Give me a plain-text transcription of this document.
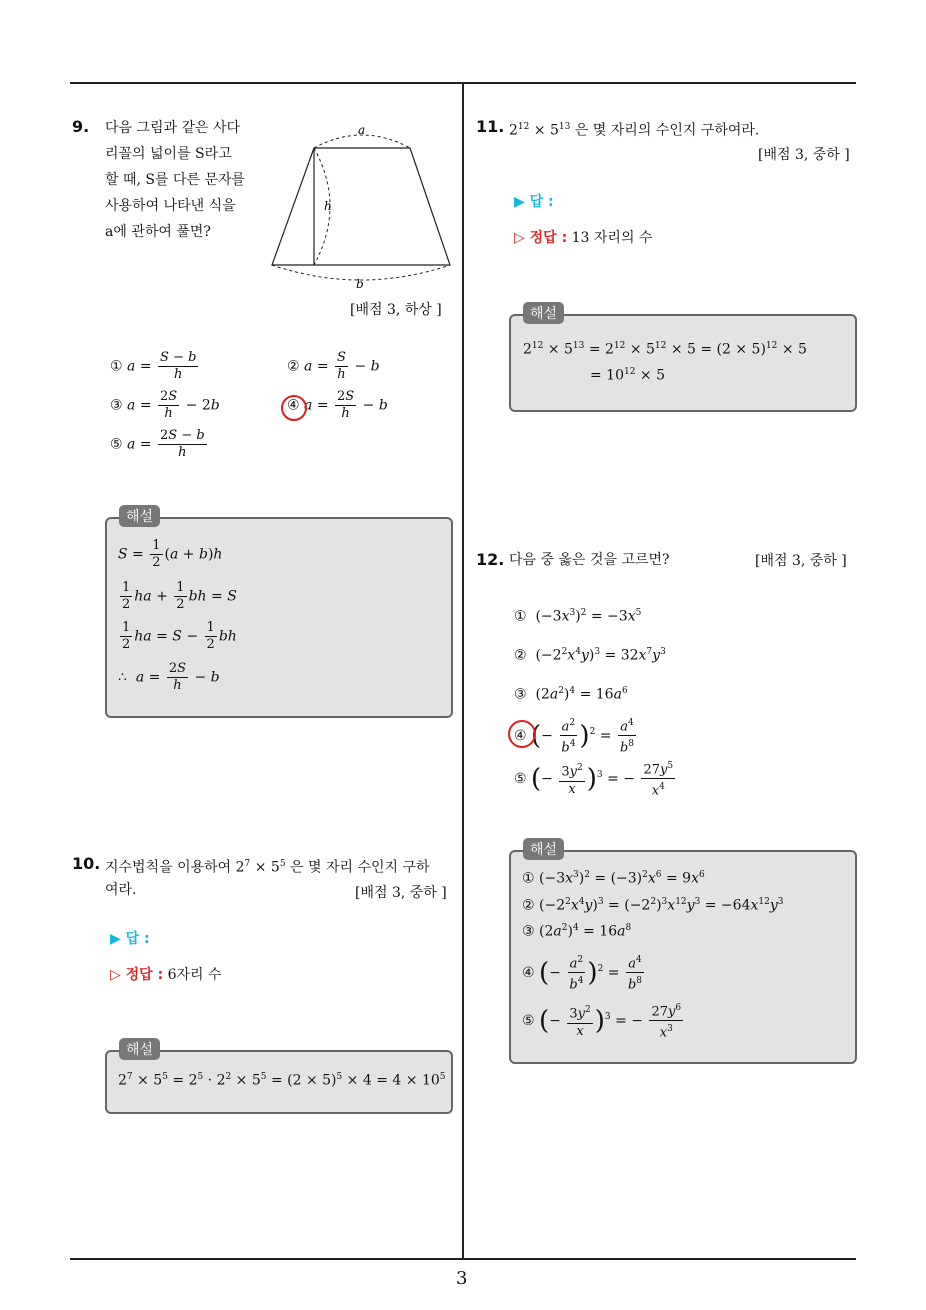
3
9. 다음 그림과 같은 사다
리꼴의 넓이를 S라고
할 때, S를 다른 문자를
사용하여 나타낸 식을
a에 관하여 풀면?
a
h
b
[배점 3, 하상 ]
① $a = \frac{S - b}{h}$	② $a = \frac{S}{h} - b$
③ $a = \frac{2S}{h} - 2b$	④ $a = \frac{2S}{h} - b$
⑤ $a = \frac{2S - b}{h}$
해설
$S = \frac{1}{2} (a + b)h$
$\frac{1}{2}$ ha + $\frac{1}{2}$ bh = S
$\frac{1}{2}$ ha = $S - \frac{1}{2}$ bh
∴  $a = \frac{2S}{h} - b$
10. 지수법칙을 이용하여 $2^7 \times 5^5$ 은 몇 자리 수인지 구하
여라.	[배점 3, 중하 ]
▶ 답 :
▷ 정답 : 6자리 수
해설
$2^7 \times 5^5 = 2^5 \cdot 2^2 \times 5^5 = (2 \times 5)^5 \times 4 = 4 \times 10^5$
11. $2^{12} \times 5^{13}$ 은 몇 자리의 수인지 구하여라.
[배점 3, 중하 ]
▶ 답 :
▷ 정답 : 13 자리의 수
해설
$2^{12} \times 5^{13} = 2^{12} \times 5^{12} \times 5 = (2 \times 5)^{12} \times 5$
= $10^{12} \times 5$
12. 다음 중 옳은 것을 고르면?	[배점 3, 중하 ]
①  $(-3x^3)^2 = -3x^5$
②  $(-2^2x^4y)^3 = 32x^7y^3$
③  $(2a^2)^4 = 16a^6$
④ (− $\frac{a^2}{b^4} )^2 = \frac{a^4}{b^8}$
⑤ (− $\frac{3y^2}{x} )^3$ = − $\frac{27y^5}{x^4}$
해설
① $(-3x^3)^2 = (-3)^2x^6 = 9x^6$
② $(-2^2x^4y)^3 = (-2^2)^3x^{12}y^3 = -64x^{12}y^3$
③ $(2a^2)^4 = 16a^8$
④ (− $\frac{a^2}{b^4} )^2 = \frac{a^4}{b^8}$
⑤ (− $\frac{3y^2}{x} )^3$ = − $\frac{27y^6}{x^3}$
